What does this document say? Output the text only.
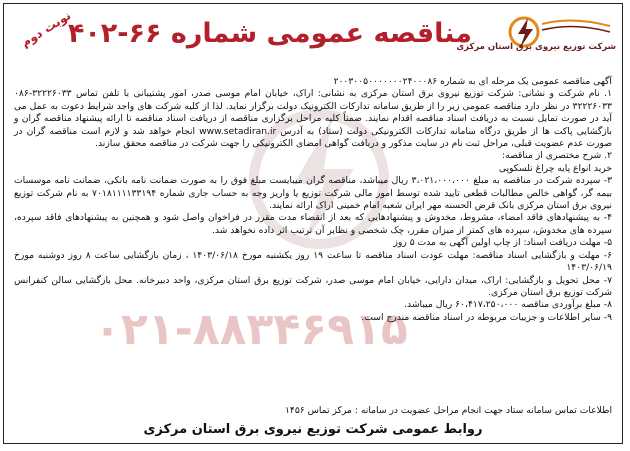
۰۲۱-۸۸۳۴۶۹۱۵
شرکت توزیع نیروی برق استان مرکزی
مناقصه عمومی شماره ۶۶-۴۰۲
نوبت دوم

آگهی مناقصه عمومی یک مرحله ای به شماره ۲۰۰۳۰۰۵۰۰۰۰۰۰۰۲۴۰۰۰۸۶

۱. نام شرکت و نشانی: شرکت توزیع نیروی برق استان مرکزی به نشانی: اراک، خیابان امام موسی صدر، امور پشتیبانی با تلفن تماس ۳۲۲۲۶۰۳۳-۰۸۶ ۳۲۲۲۶۰۳۳ در نظر دارد مناقصه عمومی زیر را از طریق سامانه تدارکات الکترونیک دولت برگزار نماید. لذا از کلیه شرکت های واجد شرایط دعوت به عمل می آید در صورت تمایل نسبت به دریافت اسناد مناقصه اقدام نمایند. ضمناً کلیه مراحل برگزاری مناقصه از دریافت اسناد مناقصه تا ارائه پیشنهاد مناقصه گران و بازگشایی پاکت ها از طریق درگاه سامانه تدارکات الکترونیکی دولت (ستاد) به آدرس www.setadiran.ir انجام خواهد شد و لازم است مناقصه گران در صورت عدم عضویت قبلی، مراحل ثبت نام در سایت مذکور و دریافت گواهی امضای الکترونیکی را جهت شرکت در مناقصه محقق سازند.

۲. شرح مختصری از مناقصه:

خرید انواع پایه چراغ تلسکوپی

۳- سپرده شرکت در مناقصه به مبلغ ۳،۰۲۱،۰۰۰،۰۰۰ ریال میباشد، مناقصه گران میبایست مبلغ فوق را به صورت ضمانت نامه بانکی، ضمانت نامه موسسات بیمه گر، گواهی خالص مطالبات قطعی تایید شده توسط امور مالی شرکت توزیع یا واریز وجه به حساب جاری شماره ۷۰۱۸۱۱۱۱۳۳۱۹۴ به نام شرکت توزیع نیروی برق استان مرکزی بانک قرض الحسنه مهر ایران شعبه امام خمینی اراک ارائه نمایند.

۴- به پیشنهادهای فاقد امضاء، مشروط، مخدوش و پیشنهادهایی که بعد از انقضاء مدت مقرر در فراخوان واصل شود و همچنین به پیشنهادهای فاقد سپرده، سپرده های مخدوش، سپرده های کمتر از میزان مقرر، چک شخصی و نظایر آن ترتیب اثر داده نخواهد شد.

۵- مهلت دریافت اسناد: از چاپ اولین آگهی به مدت ۵ روز

۶- مهلت و بازگشایی اسناد مناقصه: مهلت عودت اسناد مناقصه تا ساعت ۱۹ روز یکشنبه مورخ ۱۴۰۳/۰۶/۱۸ ، زمان بازگشایی ساعت ۸ روز دوشنبه مورخ ۱۴۰۳/۰۶/۱۹

۷- محل تحویل و بازگشایی: اراک، میدان دارایی، خیابان امام موسی صدر، شرکت توزیع برق استان مرکزی، واحد دبیرخانه. محل بازگشایی سالن کنفرانس شرکت توزیع برق استان مرکزی.

۸- مبلغ برآوردی مناقصه ۶۰،۴۱۷،۲۵۰،۰۰۰ ریال میباشد.

۹- سایر اطلاعات و جزییات مربوطه در اسناد مناقصه مندرج است.

اطلاعات تماس سامانه ستاد جهت انجام مراحل عضویت در سامانه : مرکز تماس ۱۴۵۶
روابط عمومی شرکت توزیع نیروی برق استان مرکزی
